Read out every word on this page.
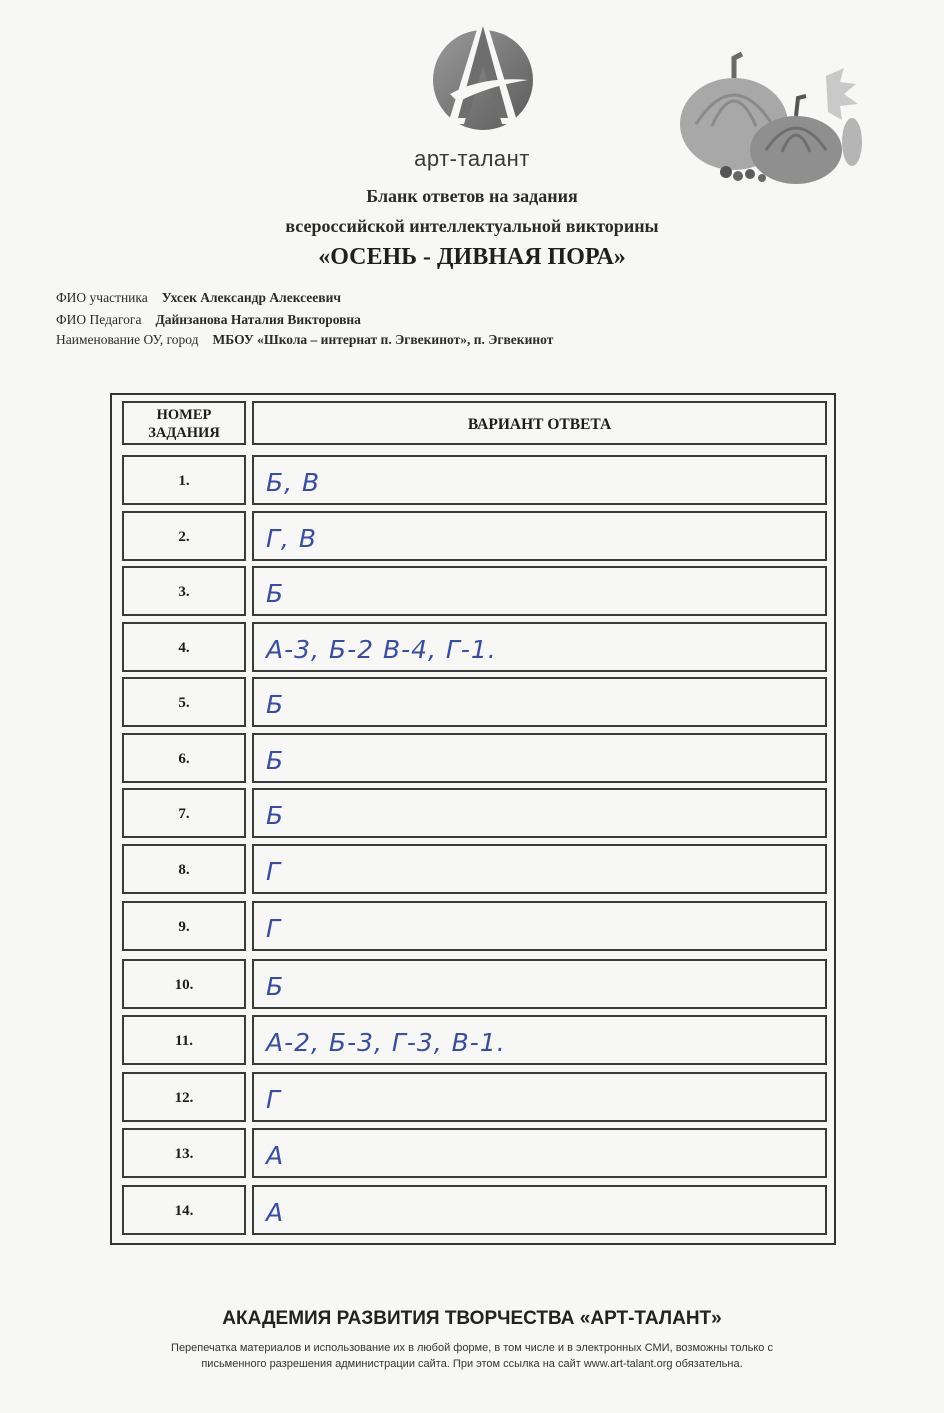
арт-талант
Бланк ответов на задания
всероссийской интеллектуальной викторины
«ОСЕНЬ - ДИВНАЯ ПОРА»
ФИО участника Ухсек Александр Алексеевич
ФИО Педагога Дайнзанова Наталия Викторовна
Наименование ОУ, город МБОУ «Школа – интернат п. Эгвекинот», п. Эгвекинот
НОМЕР
ЗАДАНИЯ	ВАРИАНТ ОТВЕТА
1.	Б, В
2.	Г, В
3.	Б
4.	А-3, Б-2 В-4, Г-1.
5.	Б
6.	Б
7.	Б
8.	Г
9.	Г
10.	Б
11.	А-2, Б-3, Г-3, В-1.
12.	Г
13.	А
14.	А
АКАДЕМИЯ РАЗВИТИЯ ТВОРЧЕСТВА «АРТ-ТАЛАНТ»
Перепечатка материалов и использование их в любой форме, в том числе и в электронных СМИ, возможны только с
письменного разрешения администрации сайта. При этом ссылка на сайт www.art-talant.org обязательна.
